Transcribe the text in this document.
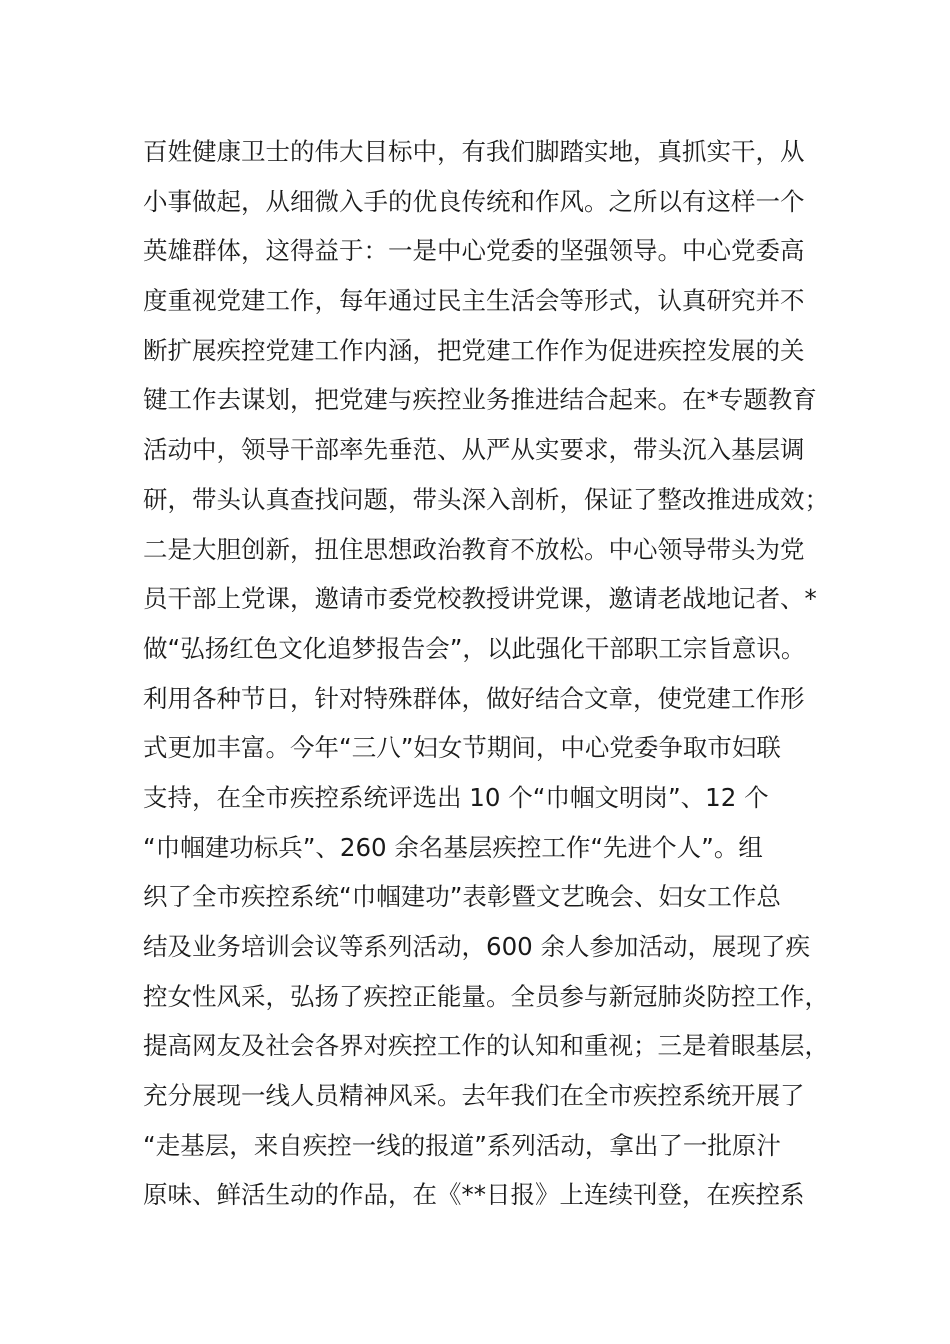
百姓健康卫士的伟大目标中，有我们脚踏实地，真抓实干，从
小事做起，从细微入手的优良传统和作风。之所以有这样一个
英雄群体，这得益于：一是中心党委的坚强领导。中心党委高
度重视党建工作，每年通过民主生活会等形式，认真研究并不
断扩展疾控党建工作内涵，把党建工作作为促进疾控发展的关
键工作去谋划，把党建与疾控业务推进结合起来。在*专题教育
活动中，领导干部率先垂范、从严从实要求，带头沉入基层调
研，带头认真查找问题，带头深入剖析，保证了整改推进成效；
二是大胆创新，扭住思想政治教育不放松。中心领导带头为党
员干部上党课，邀请市委党校教授讲党课，邀请老战地记者、*
做“弘扬红色文化追梦报告会”，以此强化干部职工宗旨意识。
利用各种节日，针对特殊群体，做好结合文章，使党建工作形
式更加丰富。今年“三八”妇女节期间，中心党委争取市妇联
支持，在全市疾控系统评选出 10 个“巾帼文明岗”、12 个
“巾帼建功标兵”、260 余名基层疾控工作“先进个人”。组
织了全市疾控系统“巾帼建功”表彰暨文艺晚会、妇女工作总
结及业务培训会议等系列活动，600 余人参加活动，展现了疾
控女性风采，弘扬了疾控正能量。全员参与新冠肺炎防控工作，
提高网友及社会各界对疾控工作的认知和重视；三是着眼基层，
充分展现一线人员精神风采。去年我们在全市疾控系统开展了
“走基层，来自疾控一线的报道”系列活动，拿出了一批原汁
原味、鲜活生动的作品，在《**日报》上连续刊登，在疾控系
